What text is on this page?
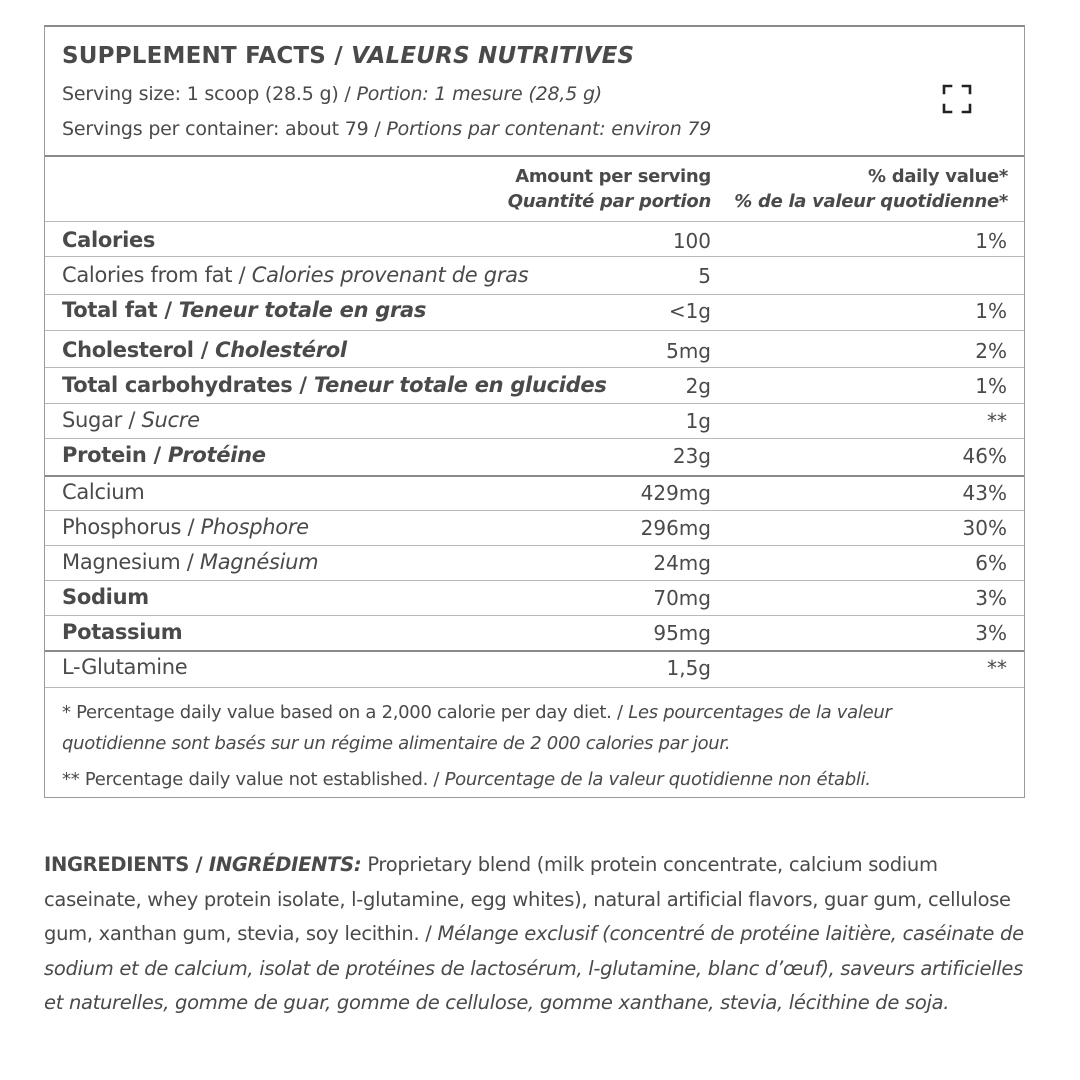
SUPPLEMENT FACTS / VALEURS NUTRITIVES
Serving size: 1 scoop (28.5 g) / Portion: 1 mesure (28,5 g)
Servings per container: about 79 / Portions par contenant: environ 79
Amount per serving
Quantité par portion
% daily value*
% de la valeur quotidienne*
Calories	100	1%
Calories from fat / Calories provenant de gras	5
Total fat / Teneur totale en gras	<1g	1%
Cholesterol / Cholestérol	5mg	2%
Total carbohydrates / Teneur totale en glucides	2g	1%
Sugar / Sucre	1g	**
Protein / Protéine	23g	46%
Calcium	429mg	43%
Phosphorus / Phosphore	296mg	30%
Magnesium / Magnésium	24mg	6%
Sodium	70mg	3%
Potassium	95mg	3%
L-Glutamine	1,5g	**
* Percentage daily value based on a 2,000 calorie per day diet. / Les pourcentages de la valeur
quotidienne sont basés sur un régime alimentaire de 2 000 calories par jour.
** Percentage daily value not established. / Pourcentage de la valeur quotidienne non établi.
INGREDIENTS / INGRÉDIENTS: Proprietary blend (milk protein concentrate, calcium sodium caseinate, whey protein isolate, l-glutamine, egg whites), natural artificial flavors, guar gum, cellulose gum, xanthan gum, stevia, soy lecithin. / Mélange exclusif (concentré de protéine laitière, caséinate de sodium et de calcium, isolat de protéines de lactosérum, l-glutamine, blanc d’œuf), saveurs artificielles et naturelles, gomme de guar, gomme de cellulose, gomme xanthane, stevia, lécithine de soja.
